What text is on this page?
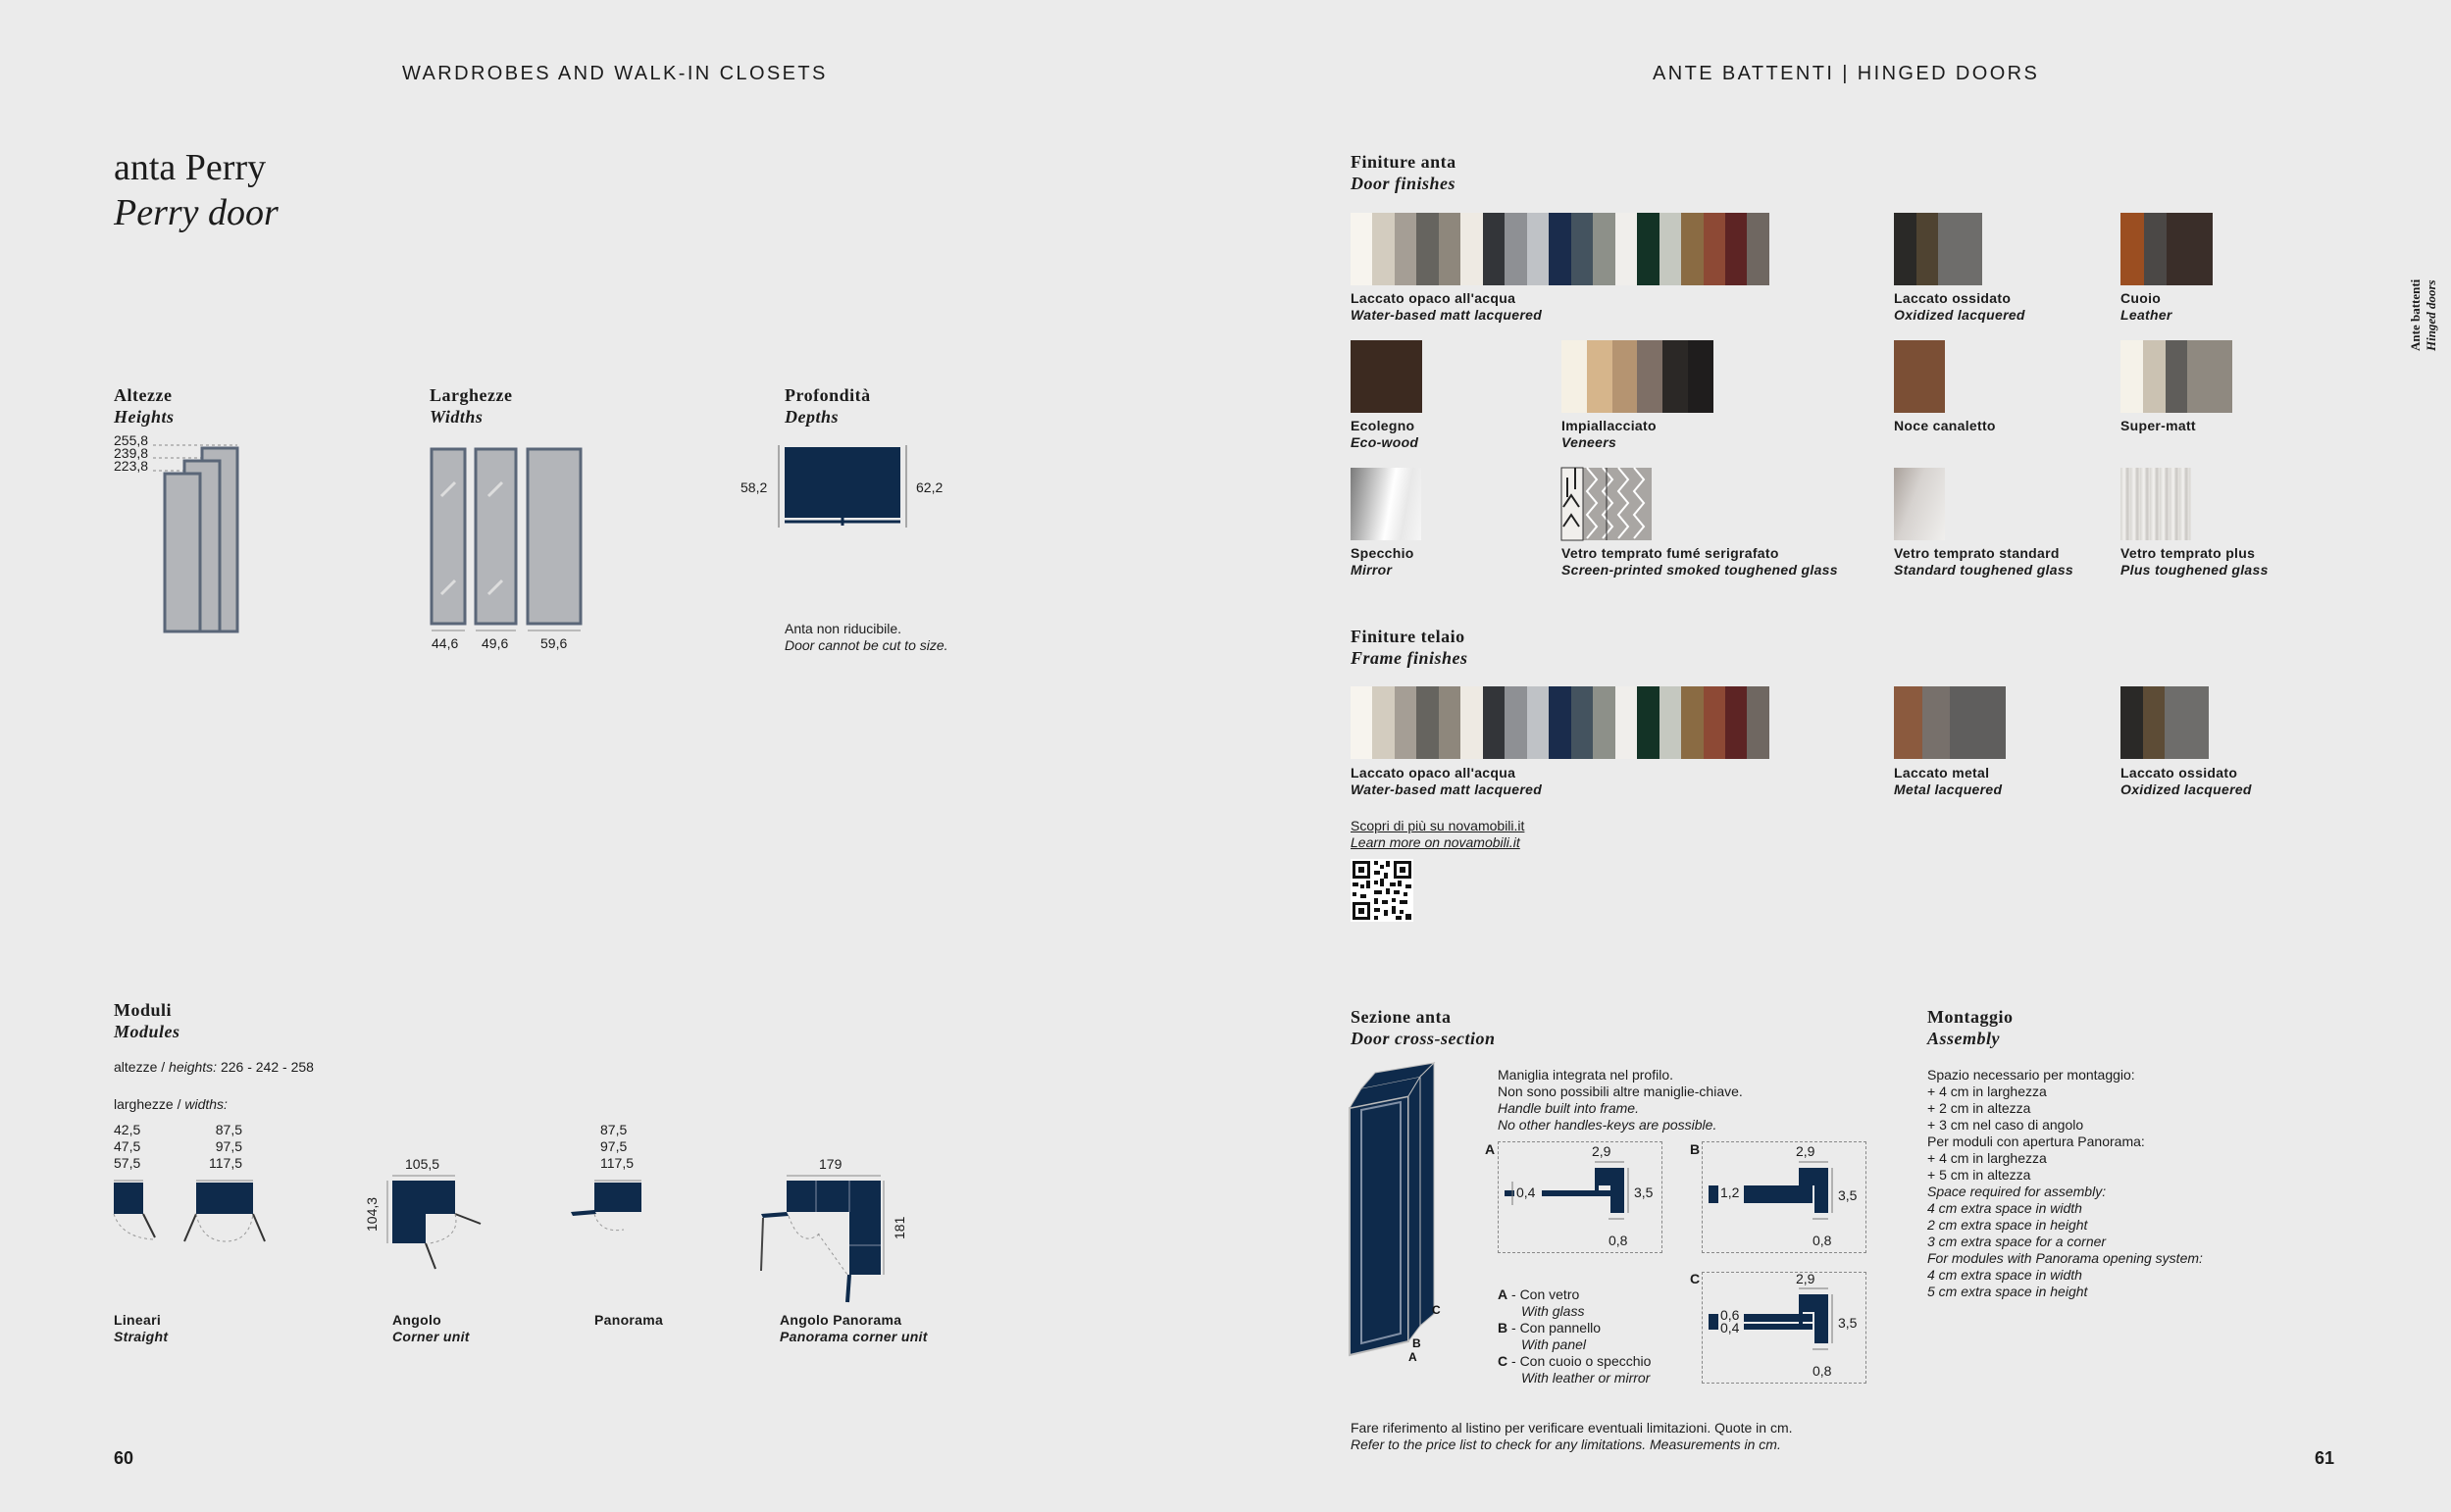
WARDROBES AND WALK-IN CLOSETS	ANTE BATTENTI | HINGED DOORS
anta Perry
Perry door
Altezze
Heights
255,8
239,8
223,8
Larghezze
Widths
44,6 49,6 59,6
Profondità
Depths
58,2	62,2
Anta non riducibile.
Door cannot be cut to size.
Moduli
Modules
altezze / heights: 226 - 242 - 258
larghezze / widths:
42,5
47,5
57,5
87,5
97,5
117,5
87,5
97,5
117,5
105,5
104,3
179
181
Lineari
Straight
Angolo
Corner unit
Panorama	Angolo Panorama
Panorama corner unit
60
Finiture anta
Door finishes
Laccato opaco all'acqua
Water-based matt lacquered
Laccato ossidato
Oxidized lacquered
Cuoio
Leather
Ecolegno
Eco-wood
Impiallacciato
Veneers
Noce canaletto	Super-matt
Specchio
Mirror
Vetro temprato fumé serigrafato
Screen-printed smoked toughened glass
Vetro temprato standard
Standard toughened glass
Vetro temprato plus
Plus toughened glass
Finiture telaio
Frame finishes
Laccato opaco all'acqua
Water-based matt lacquered
Laccato metal
Metal lacquered
Laccato ossidato
Oxidized lacquered
Scopri di più su novamobili.it
Learn more on novamobili.it
Sezione anta
Door cross-section
B
C
A
Maniglia integrata nel profilo.
Non sono possibili altre maniglie-chiave.
Handle built into frame.
No other handles-keys are possible.
A	2,9
0,4	3,5
0,8
B	2,9
1,2	3,5
0,8
C	2,9
0,6
0,4	3,5
0,8
A - Con vetro
With glass
B - Con pannello
With panel
C - Con cuoio o specchio
With leather or mirror
Fare riferimento al listino per verificare eventuali limitazioni. Quote in cm.
Refer to the price list to check for any limitations. Measurements in cm.
Montaggio
Assembly
Spazio necessario per montaggio:
+ 4 cm in larghezza
+ 2 cm in altezza
+ 3 cm nel caso di angolo
Per moduli con apertura Panorama:
+ 4 cm in larghezza
+ 5 cm in altezza
Space required for assembly:
4 cm extra space in width
2 cm extra space in height
3 cm extra space for a corner
For modules with Panorama opening system:
4 cm extra space in width
5 cm extra space in height
Ante battenti Hinged doors
61
